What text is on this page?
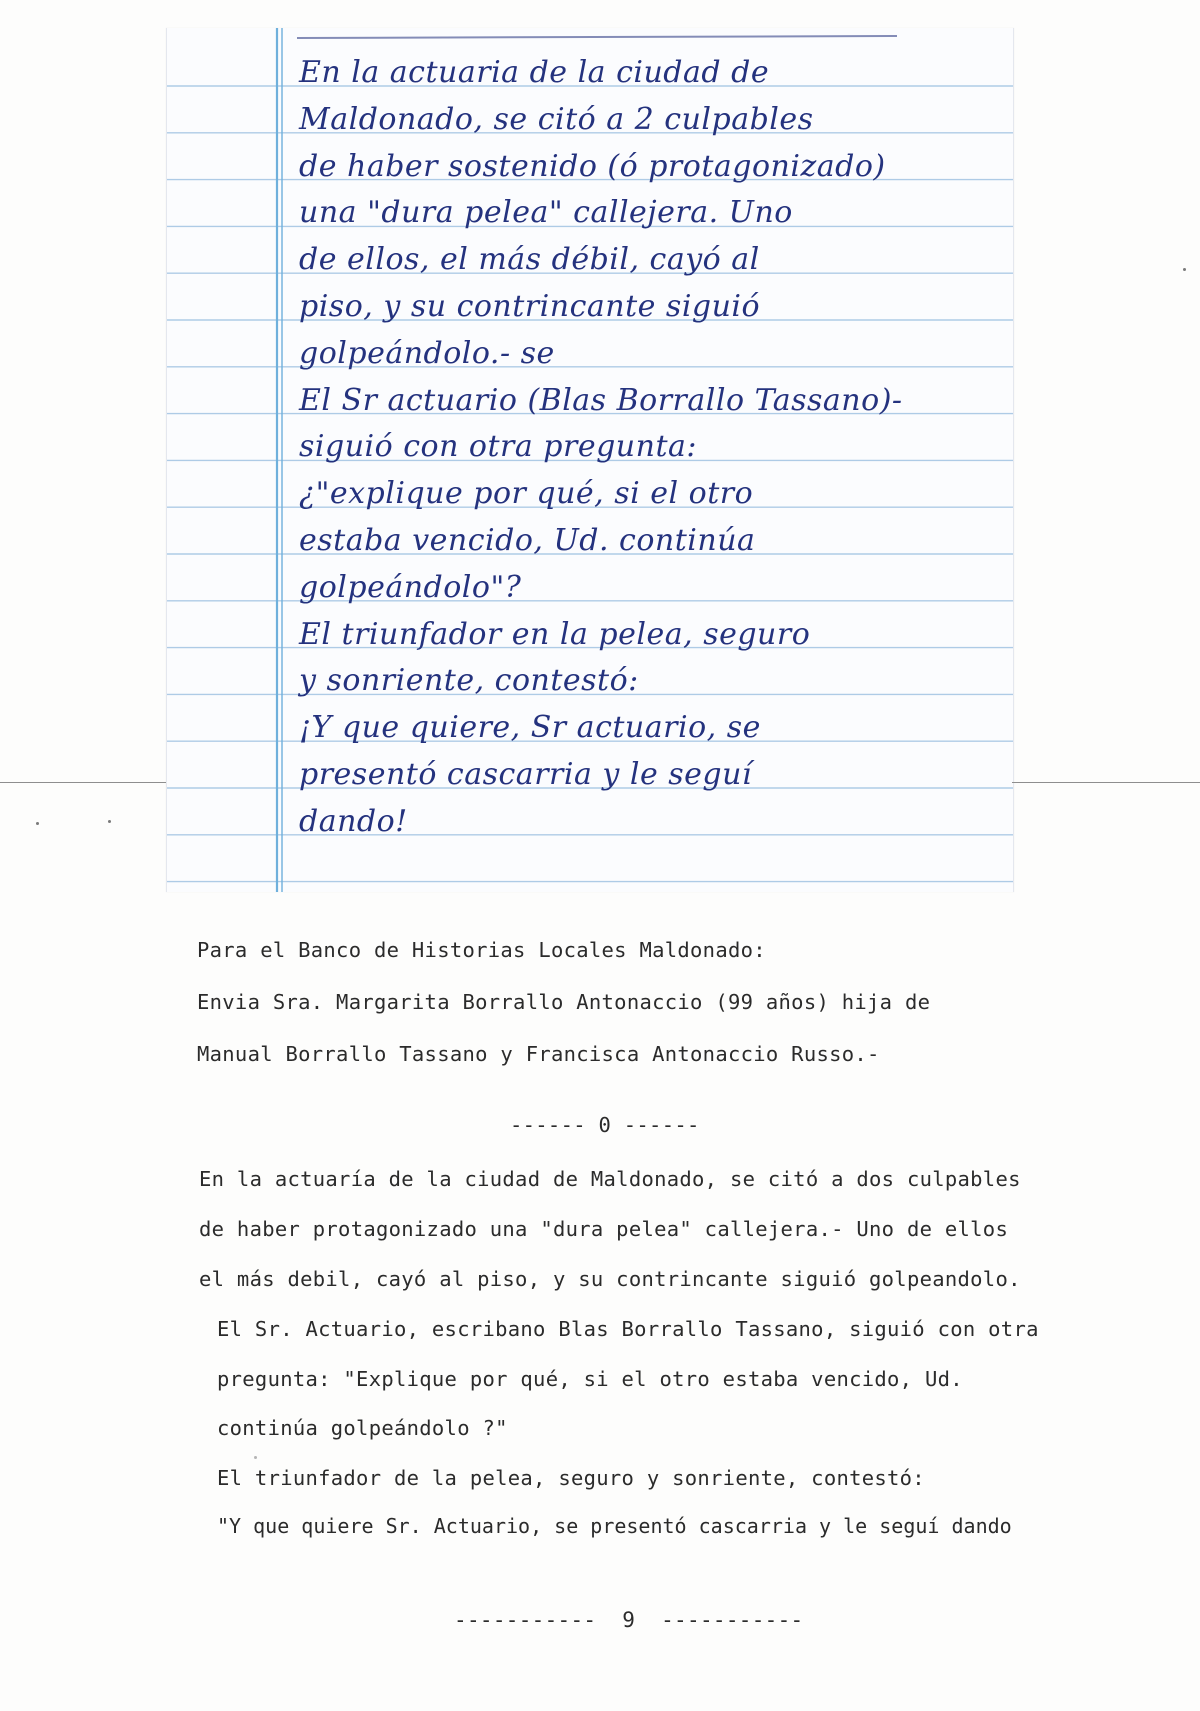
En la actuaria de la ciudad de
Maldonado, se citó a 2 culpables
de haber sostenido (ó protagonizado)
una "dura pelea" callejera. Uno
de ellos, el más débil, cayó al
piso, y su contrincante siguió
golpeándolo.- se
El Sr actuario (Blas Borrallo Tassano)-
siguió con otra pregunta:
¿"explique por qué, si el otro
estaba vencido, Ud. continúa
golpeándolo"?
El triunfador en la pelea, seguro
y sonriente, contestó:
¡Y que quiere, Sr actuario, se
presentó cascarria y le seguí
dando!

Para el Banco de Historias Locales Maldonado:

Envia Sra. Margarita Borrallo Antonaccio (99 años) hija de

Manual Borrallo Tassano y Francisca Antonaccio Russo.-

------ 0 ------

En la actuaría de la ciudad de Maldonado, se citó a dos culpables

de haber protagonizado una "dura pelea" callejera.- Uno de ellos

el más debil, cayó al piso, y su contrincante siguió golpeandolo.

El Sr. Actuario, escribano Blas Borrallo Tassano, siguió con otra

pregunta: "Explique por qué, si el otro estaba vencido, Ud.

continúa golpeándolo ?"

El triunfador de la pelea, seguro y sonriente, contestó:

"Y que quiere Sr. Actuario, se presentó cascarria y le seguí dando

----------- 9 -----------
